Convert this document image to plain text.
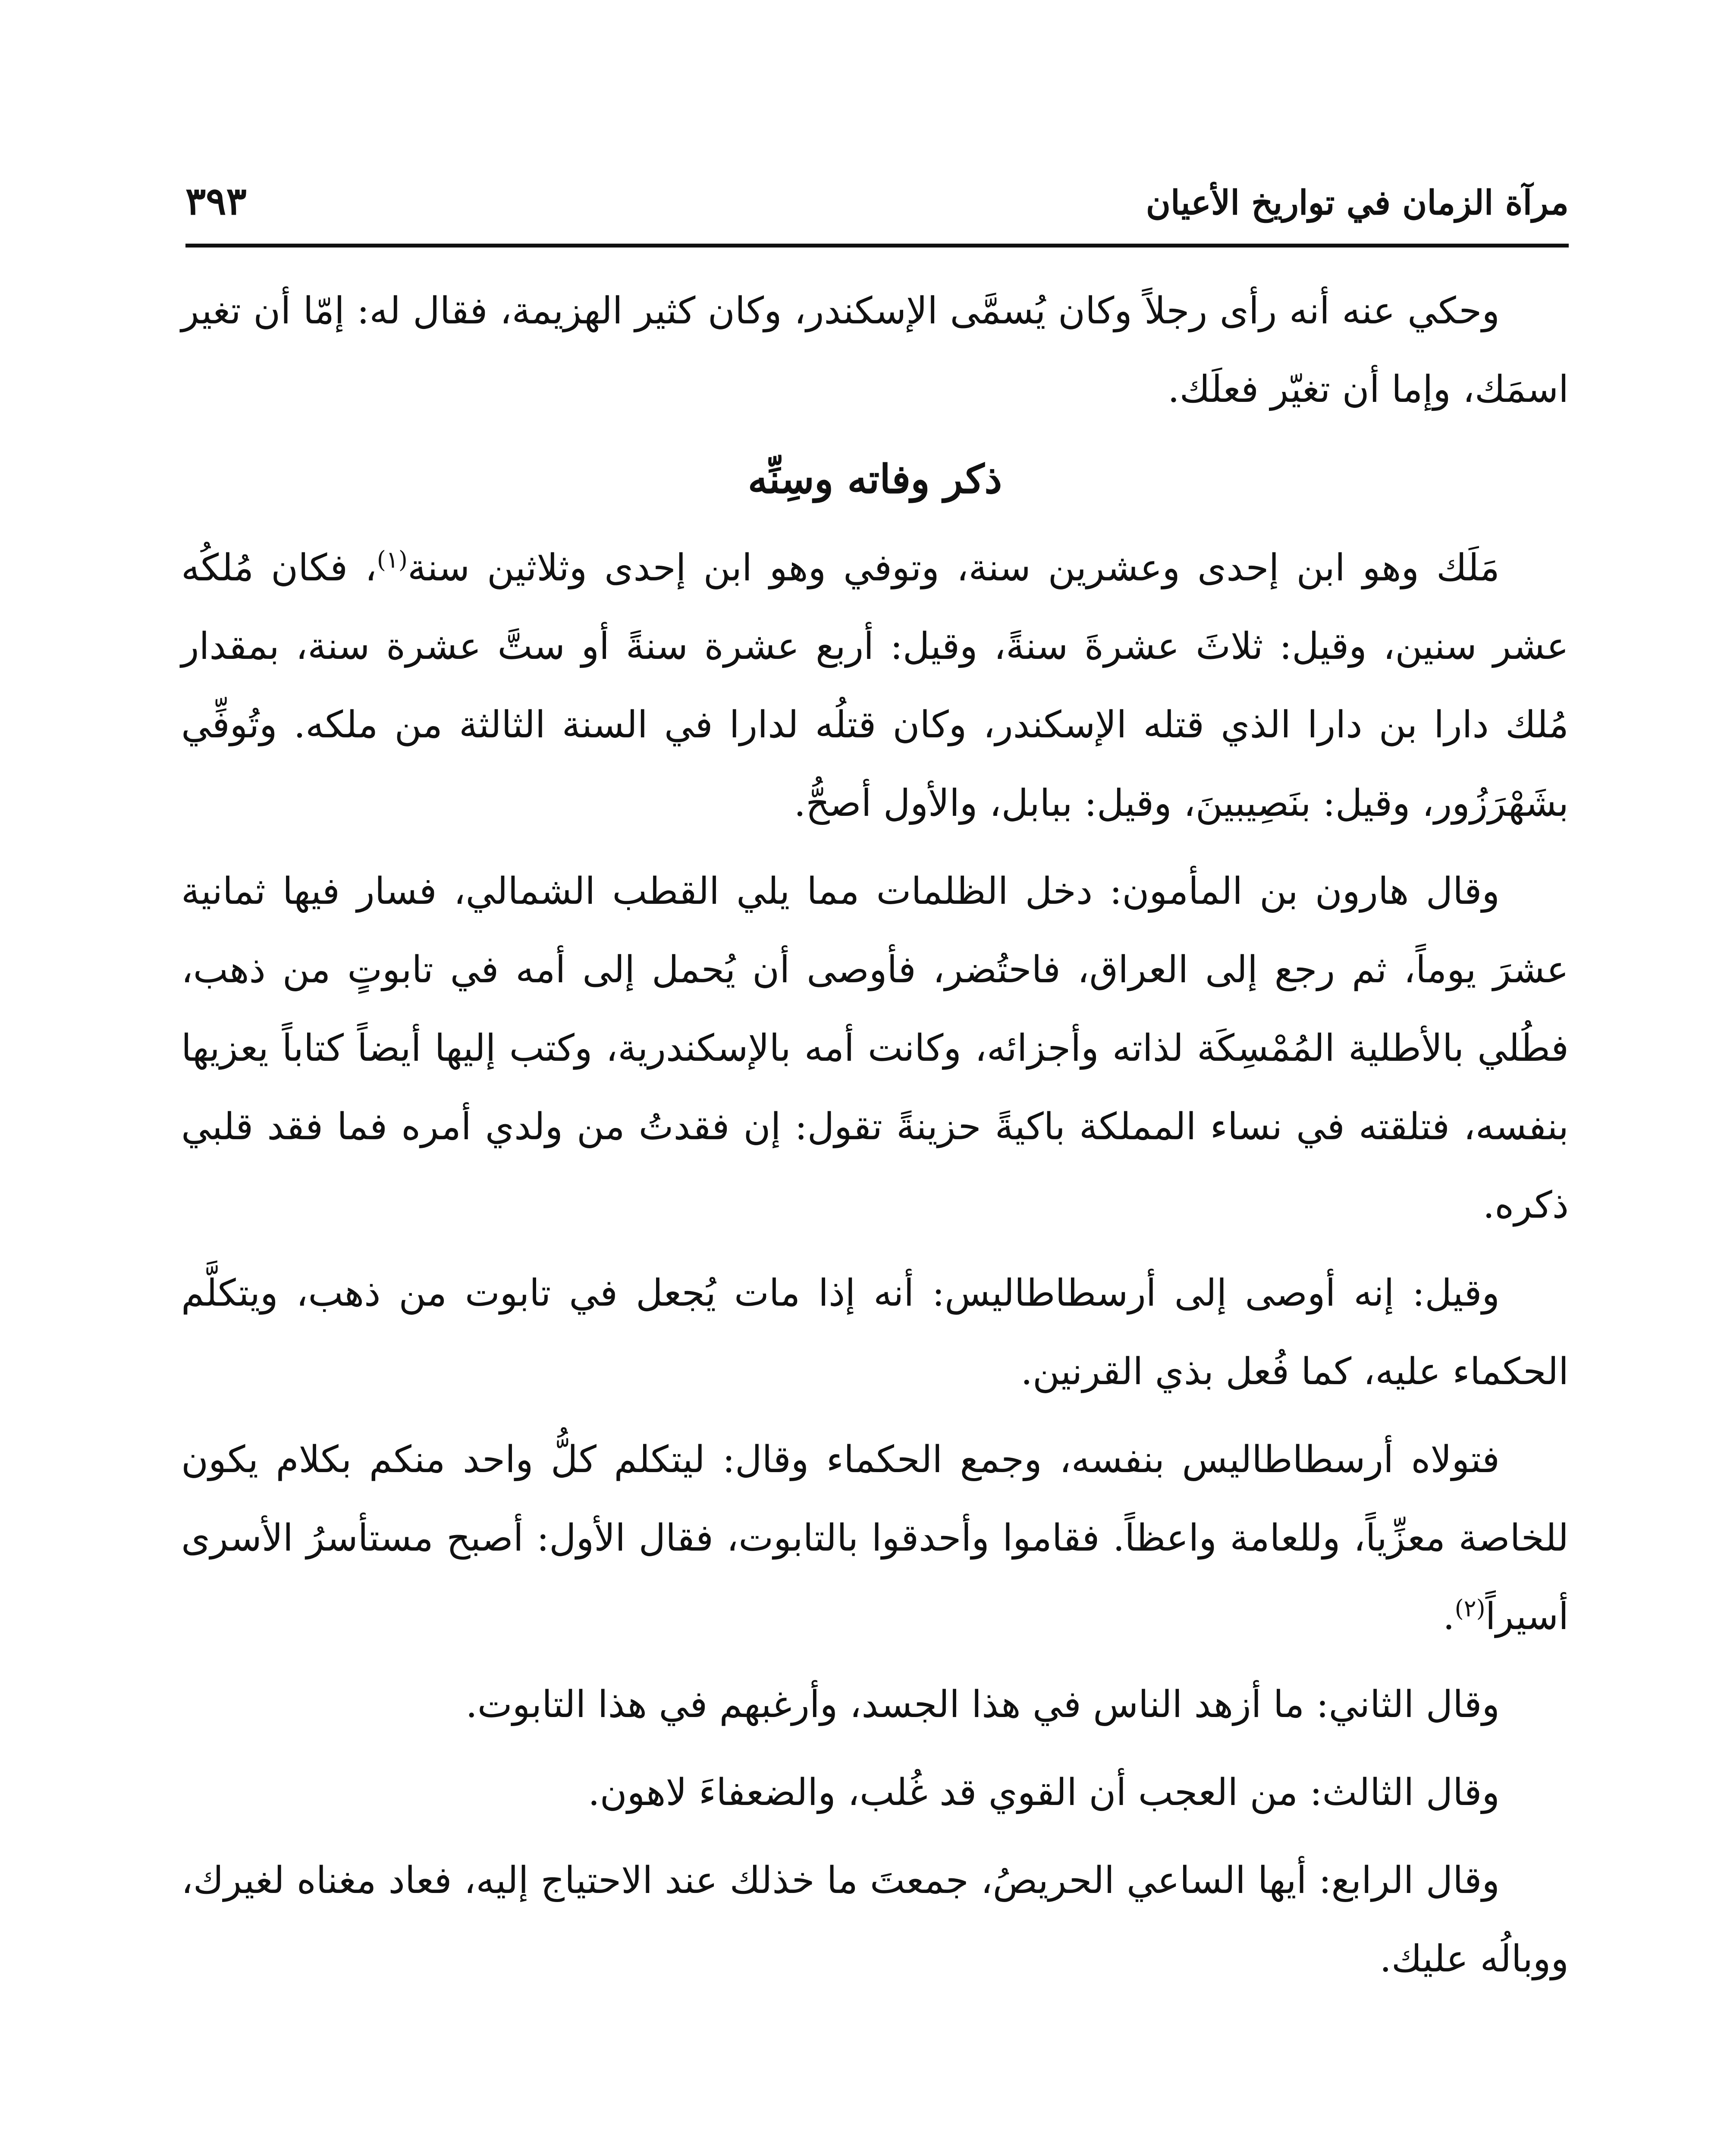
مرآة الزمان في تواريخ الأعيان
٣٩٣

وحكي عنه أنه رأى رجلاً وكان يُسمَّى الإسكندر، وكان كثير الهزيمة، فقال له: إمّا أن تغير اسمَك، وإما أن تغيّر فعلَك.

ذكر وفاته وسِنِّه

مَلَك وهو ابن إحدى وعشرين سنة، وتوفي وهو ابن إحدى وثلاثين سنة$^{(١)}$، فكان مُلكُه عشر سنين، وقيل: ثلاثَ عشرةَ سنةً، وقيل: أربع عشرة سنةً أو ستَّ عشرة سنة، بمقدار مُلك دارا بن دارا الذي قتله الإسكندر، وكان قتلُه لدارا في السنة الثالثة من ملكه. وتُوفِّي بشَهْرَزُور، وقيل: بنَصِيبينَ، وقيل: ببابل، والأول أصحُّ.

وقال هارون بن المأمون: دخل الظلمات مما يلي القطب الشمالي، فسار فيها ثمانية عشرَ يوماً، ثم رجع إلى العراق، فاحتُضر، فأوصى أن يُحمل إلى أمه في تابوتٍ من ذهب، فطُلي بالأطلية المُمْسِكَة لذاته وأجزائه، وكانت أمه بالإسكندرية، وكتب إليها أيضاً كتاباً يعزيها بنفسه، فتلقته في نساء المملكة باكيةً حزينةً تقول: إن فقدتُ من ولدي أمره فما فقد قلبي ذكره.

وقيل: إنه أوصى إلى أرسطاطاليس: أنه إذا مات يُجعل في تابوت من ذهب، ويتكلَّم الحكماء عليه، كما فُعل بذي القرنين.

فتولاه أرسطاطاليس بنفسه، وجمع الحكماء وقال: ليتكلم كلُّ واحد منكم بكلام يكون للخاصة معزِّياً، وللعامة واعظاً. فقاموا وأحدقوا بالتابوت، فقال الأول: أصبح مستأسرُ الأسرى أسيراً$^{(٢)}$.

وقال الثاني: ما أزهد الناس في هذا الجسد، وأرغبهم في هذا التابوت.

وقال الثالث: من العجب أن القوي قد غُلب، والضعفاءَ لاهون.

وقال الرابع: أيها الساعي الحريصُ، جمعتَ ما خذلك عند الاحتياج إليه، فعاد مغناه لغيرك، ووبالُه عليك.
